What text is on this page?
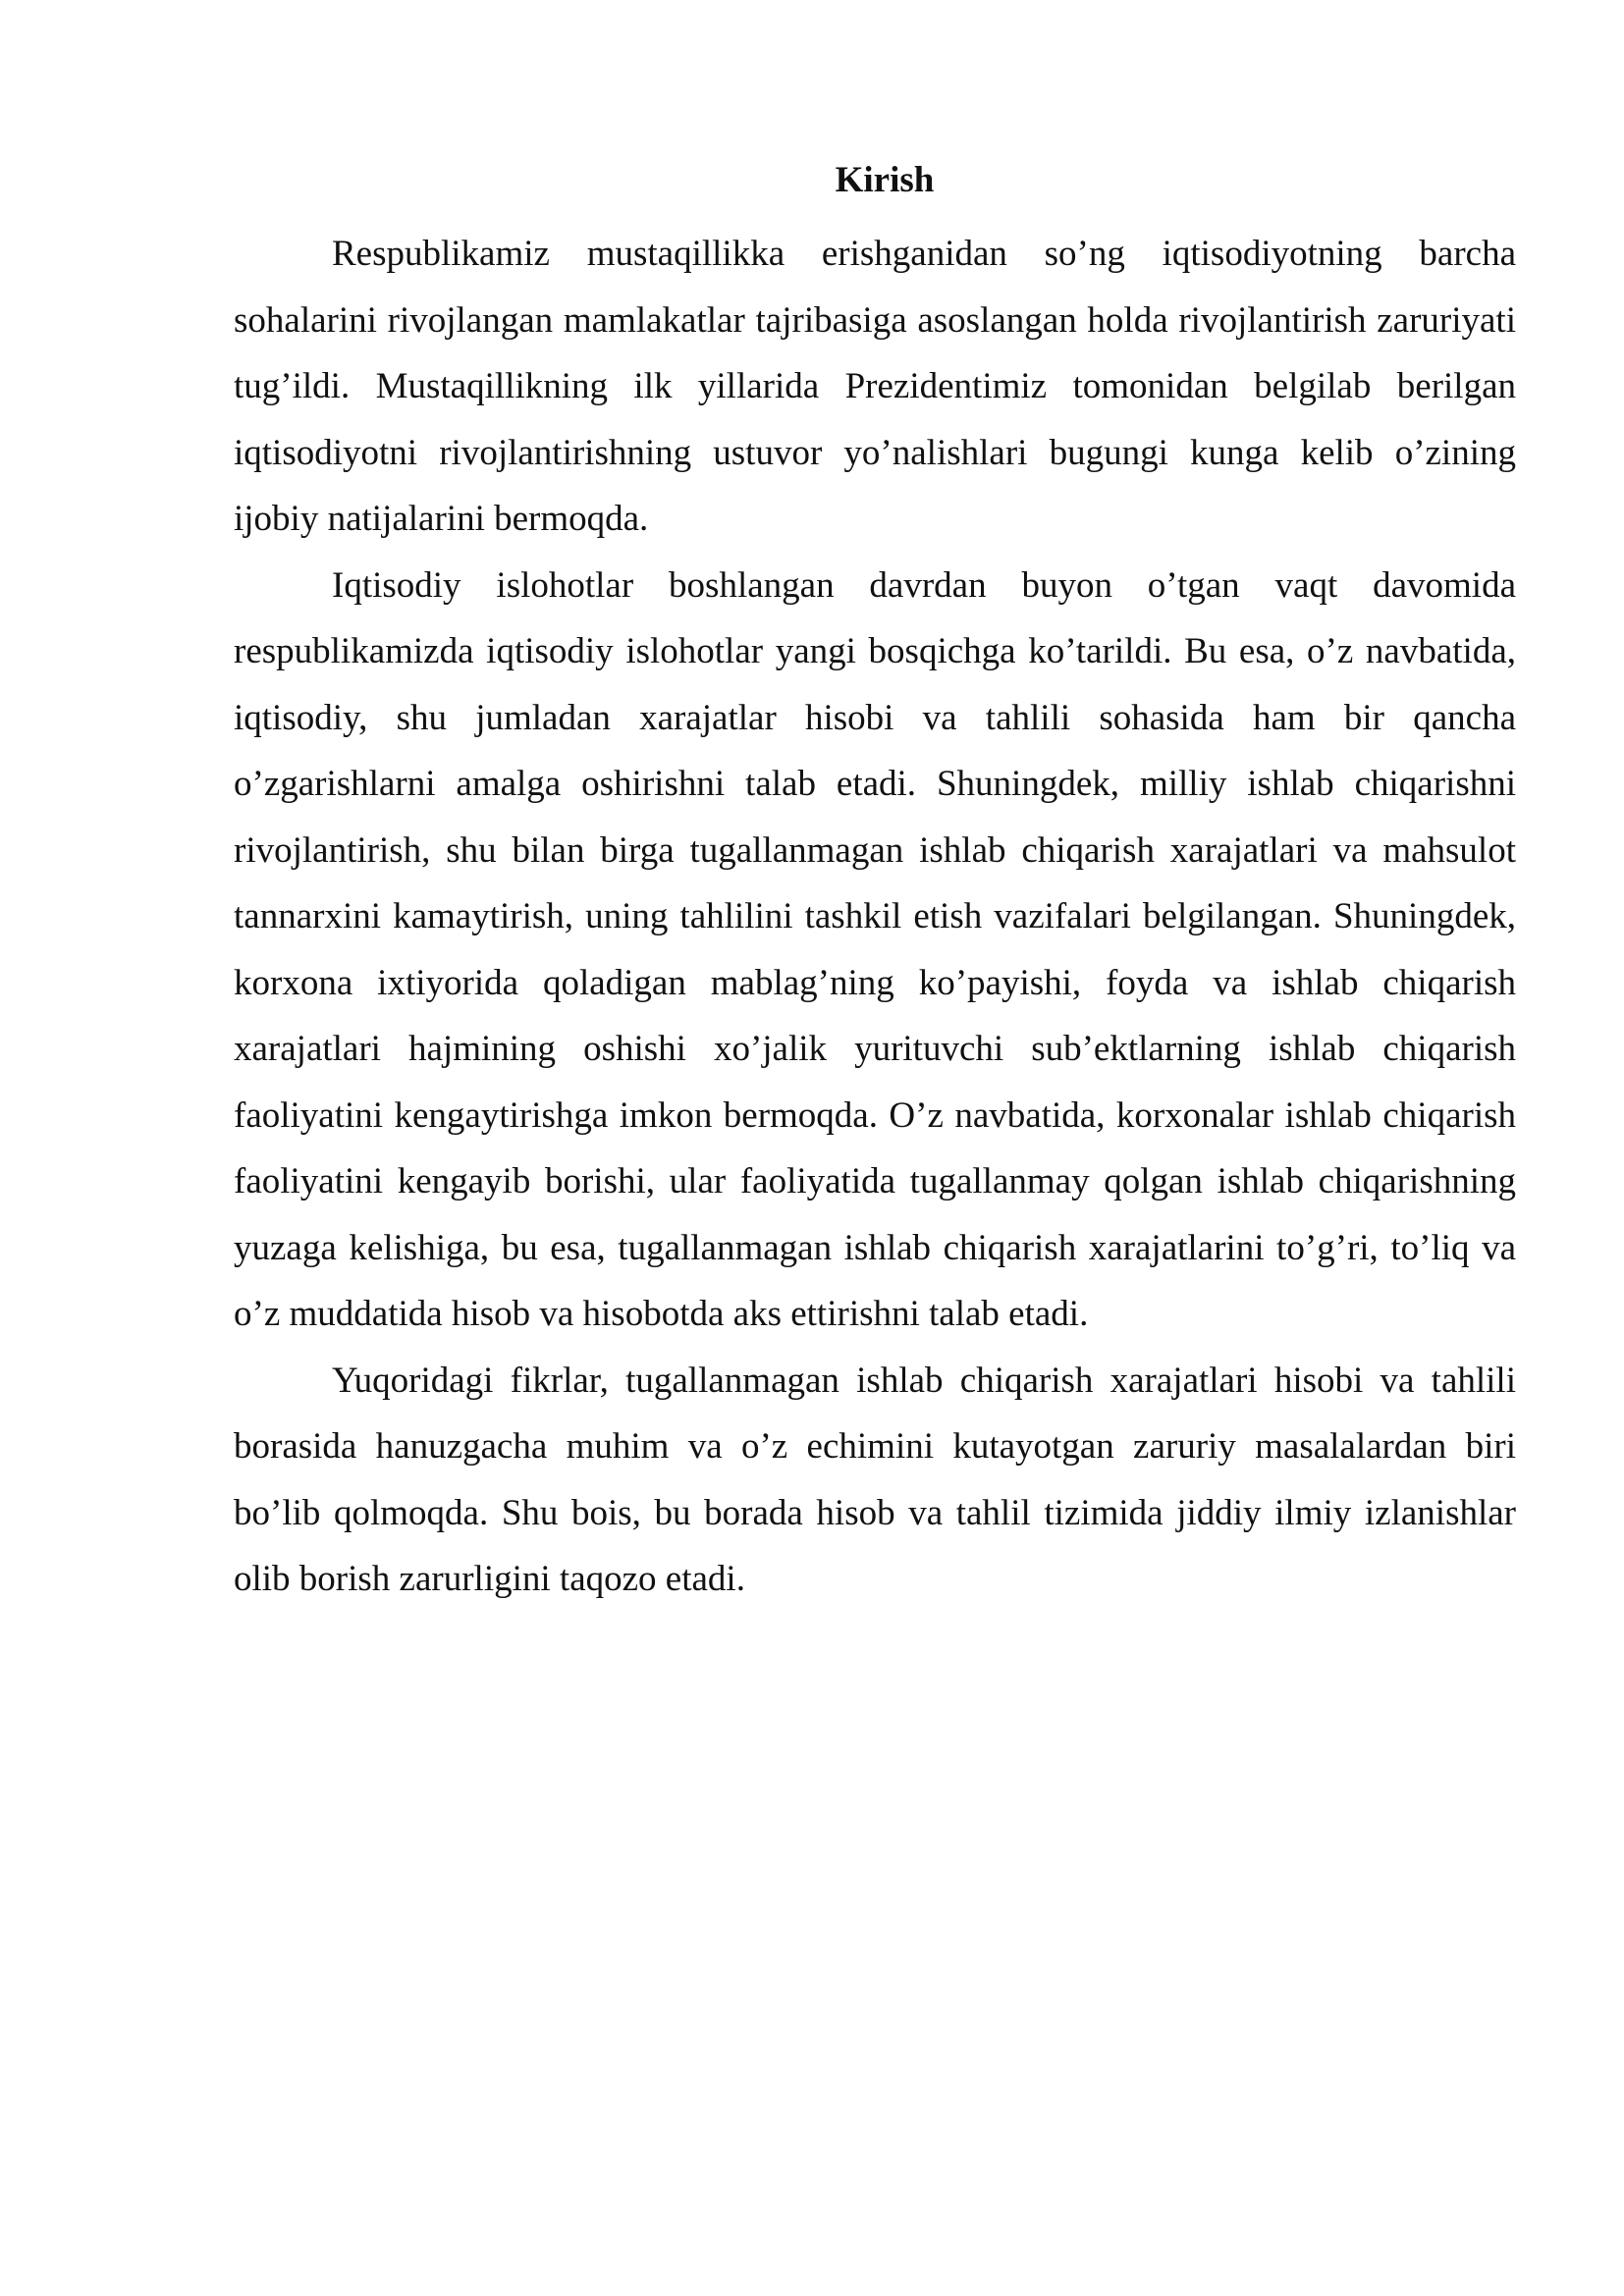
Kirish

Respublikamiz mustaqillikka erishganidan so’ng iqtisodiyotning barcha sohalarini rivojlangan mamlakatlar tajribasiga asoslangan holda rivojlantirish zaruriyati tug’ildi. Mustaqillikning ilk yillarida Prezidentimiz tomonidan belgilab berilgan iqtisodiyotni rivojlantirishning ustuvor yo’nalishlari bugungi kunga kelib o’zining ijobiy natijalarini bermoqda.

Iqtisodiy islohotlar boshlangan davrdan buyon o’tgan vaqt davomida respublikamizda iqtisodiy islohotlar yangi bosqichga ko’tarildi. Bu esa, o’z navbatida, iqtisodiy, shu jumladan xarajatlar hisobi va tahlili sohasida ham bir qancha o’zgarishlarni amalga oshirishni talab etadi. Shuningdek, milliy ishlab chiqarishni rivojlantirish, shu bilan birga tugallanmagan ishlab chiqarish xarajatlari va mahsulot tannarxini kamaytirish, uning tahlilini tashkil etish vazifalari belgilangan. Shuningdek, korxona ixtiyorida qoladigan mablag’ning ko’payishi, foyda va ishlab chiqarish xarajatlari hajmining oshishi xo’jalik yurituvchi sub’ektlarning ishlab chiqarish faoliyatini kengaytirishga imkon bermoqda. O’z navbatida, korxonalar ishlab chiqarish faoliyatini kengayib borishi, ular faoliyatida tugallanmay qolgan ishlab chiqarishning yuzaga kelishiga, bu esa, tugallanmagan ishlab chiqarish xarajatlarini to’g’ri, to’liq va o’z muddatida hisob va hisobotda aks ettirishni talab etadi.

Yuqoridagi fikrlar, tugallanmagan ishlab chiqarish xarajatlari hisobi va tahlili borasida hanuzgacha muhim va o’z echimini kutayotgan zaruriy masalalardan biri bo’lib qolmoqda. Shu bois, bu borada hisob va tahlil tizimida jiddiy ilmiy izlanishlar olib borish zarurligini taqozo etadi.
